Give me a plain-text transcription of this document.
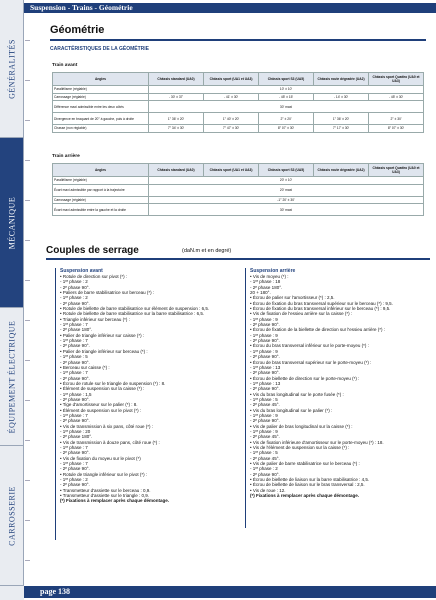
Suspension - Trains - Géométrie
GÉNÉRALITÉS
MÉCANIQUE
ÉQUIPEMENT ÉLECTRIQUE
CARROSSERIE
Géométrie
CARACTÉRISTIQUES DE LA GÉOMÉTRIE
Train avant
Angles	Châssis standard (UA0)	Châssis sport (UA1 et UA3)	Châssis sport S3 (UA5)	Châssis route dégradée (UA2)	Châssis sport Quattro (UA0 et UA3)
Parallélisme (réglable)	10' ± 10'				
Carrossage (réglable)	- 30' ± 37'	- 41' ± 30'	- 45' ± 15'	- 14' ± 30'	- 45' ± 30'
Différence maxi admissible entre les deux côtés	30' maxi				
Divergence en braquant de 20° à gauche, puis à droite	1° 36' ± 20'	1° 40' ± 20'	2° ± 20'	1° 36' ± 20'	2° ± 30'
Chasse (non réglable)	7° 34' ± 30'	7° 47' ± 30'	8° 07' ± 30'	7° 17' ± 30'	8° 07' ± 30'
Train arrière
Angles	Châssis standard (UA0)	Châssis sport (UA1 et UA3)	Châssis sport S3 (UA5)	Châssis route dégradée (UA2)	Châssis sport Quattro (UA0 et UA3)
Parallélisme (réglable)	20' ± 10'				
Écart maxi admissible par rapport à la trajectoire	20' maxi				
Carrossage (réglable)	-1° 20' ± 30'				
Écart maxi admissible entre la gauche et la droite	30' maxi				
Couples de serrage	(daN.m et en degré)
Suspension avant
• Rotule de direction sur pivot (*) :
- 1ʳᵉ phase : 2
- 2ᵉ phase 90°.
• Paliers de barre stabilisatrice sur berceau (*) :
- 1ʳᵉ phase : 2
- 2ᵉ phase 90°.
• Rotule de biellette de barre stabilisatrice sur élément de suspension : 6,5.
• Rotule de biellette de barre stabilisatrice sur la barre stabilisatrice : 6,5.
• Triangle inférieur sur berceau (*) :
- 1ʳᵉ phase : 7
- 2ᵉ phase 180°.
• Palier de triangle inférieur sur caisse (*) :
- 1ʳᵉ phase : 7
- 2ᵉ phase 90°.
• Palier de triangle inférieur sur berceau (*) :
- 1ʳᵉ phase : 5
- 2ᵉ phase 90°.
• Berceau sur caisse (*) :
- 1ʳᵉ phase : 7
- 2ᵉ phase 90°.
• Écrou de rotule sur le triangle de suspension (*) : 8.
• Élément de suspension sur la caisse (*) :
- 1ʳᵉ phase : 1,5
- 2ᵉ phase 90°.
• Tige d'amortisseur sur le palier (*) : 8.
• Élément de suspension sur le pivot (*) :
- 1ʳᵉ phase : 7
- 2ᵉ phase 90°.
• Vis de transmission à six pans, côté roue (*) :
- 1ʳᵉ phase : 20
- 2ᵉ phase 180°.
• Vis de transmission à douze pans, côté roue (*) :
- 1ʳᵉ phase : 7
- 2ᵉ phase 90°.
• Vis de fixation du moyeu sur le pivot (*)
- 1ʳᵉ phase : 7
- 2ᵉ phase 90°.
• Rotule de triangle inférieur sur le pivot (*) :
- 1ʳᵉ phase : 2
- 2ᵉ phase 90°.
• Transmetteur d'assiette sur le berceau : 0,9.
• Transmetteur d'assiette sur le triangle : 0,9.
(*) Fixations à remplacer après chaque démontage.
Suspension arrière
• Vis de moyeu (*) :
- 1ʳᵉ phase : 18
- 2ᵉ phase 180°.
20 + 180°.
• Écrou de palier sur l'amortisseur (*) : 2,5.
• Écrou de fixation du bras transversal supérieur sur le berceau (*) : 9,5.
• Écrou de fixation du bras transversal inférieur sur le berceau (*) : 9,5.
• Vis de fixation de l'essieu arrière sur la caisse (*) :
- 1ʳᵉ phase : 9
- 2ᵉ phase 90°.
• Écrou de fixation de la biellette de direction sur l'essieu arrière (*) :
- 1ʳᵉ phase : 9
- 2ᵉ phase 90°.
• Écrou du bras transversal inférieur sur le porte-moyeu (*) :
- 1ʳᵉ phase : 9
- 2ᵉ phase 90°.
• Écrou de bras transversal supérieur sur le porte-moyeu (*) :
- 1ʳᵉ phase : 13
- 2ᵉ phase 90°.
• Écrou de biellette de direction sur le porte-moyeu (*) :
- 1ʳᵉ phase : 13
- 2ᵉ phase 90°.
• Vis du bras longitudinal sur le porte fusée (*) :
- 1ʳᵉ phase : 5
- 2ᵉ phase 45°.
• Vis du bras longitudinal sur le palier (*) :
- 1ʳᵉ phase : 9
- 2ᵉ phase 90°.
• Vis de palier de bras longitudinal sur la caisse (*) :
- 1ʳᵉ phase : 9
- 2ᵉ phase 45°.
• Vis de fixation inférieure d'amortisseur sur le porte-moyeu (*) : 18.
• Vis de l'élément de suspension sur la caisse (*) :
- 1ʳᵉ phase : 5
- 2ᵉ phase 45°.
• Vis de palier de barre stabilisatrice sur le berceau (*) :
- 1ʳᵉ phase : 2
- 2ᵉ phase 90°.
• Écrou de biellette de liaison sur la barre stabilisatrice : 4,5.
• Écrou de biellette de liaison sur le bras transversal : 2,5.
• Vis de roue : 12.
(*) Fixations à remplacer après chaque démontage.
page 138
